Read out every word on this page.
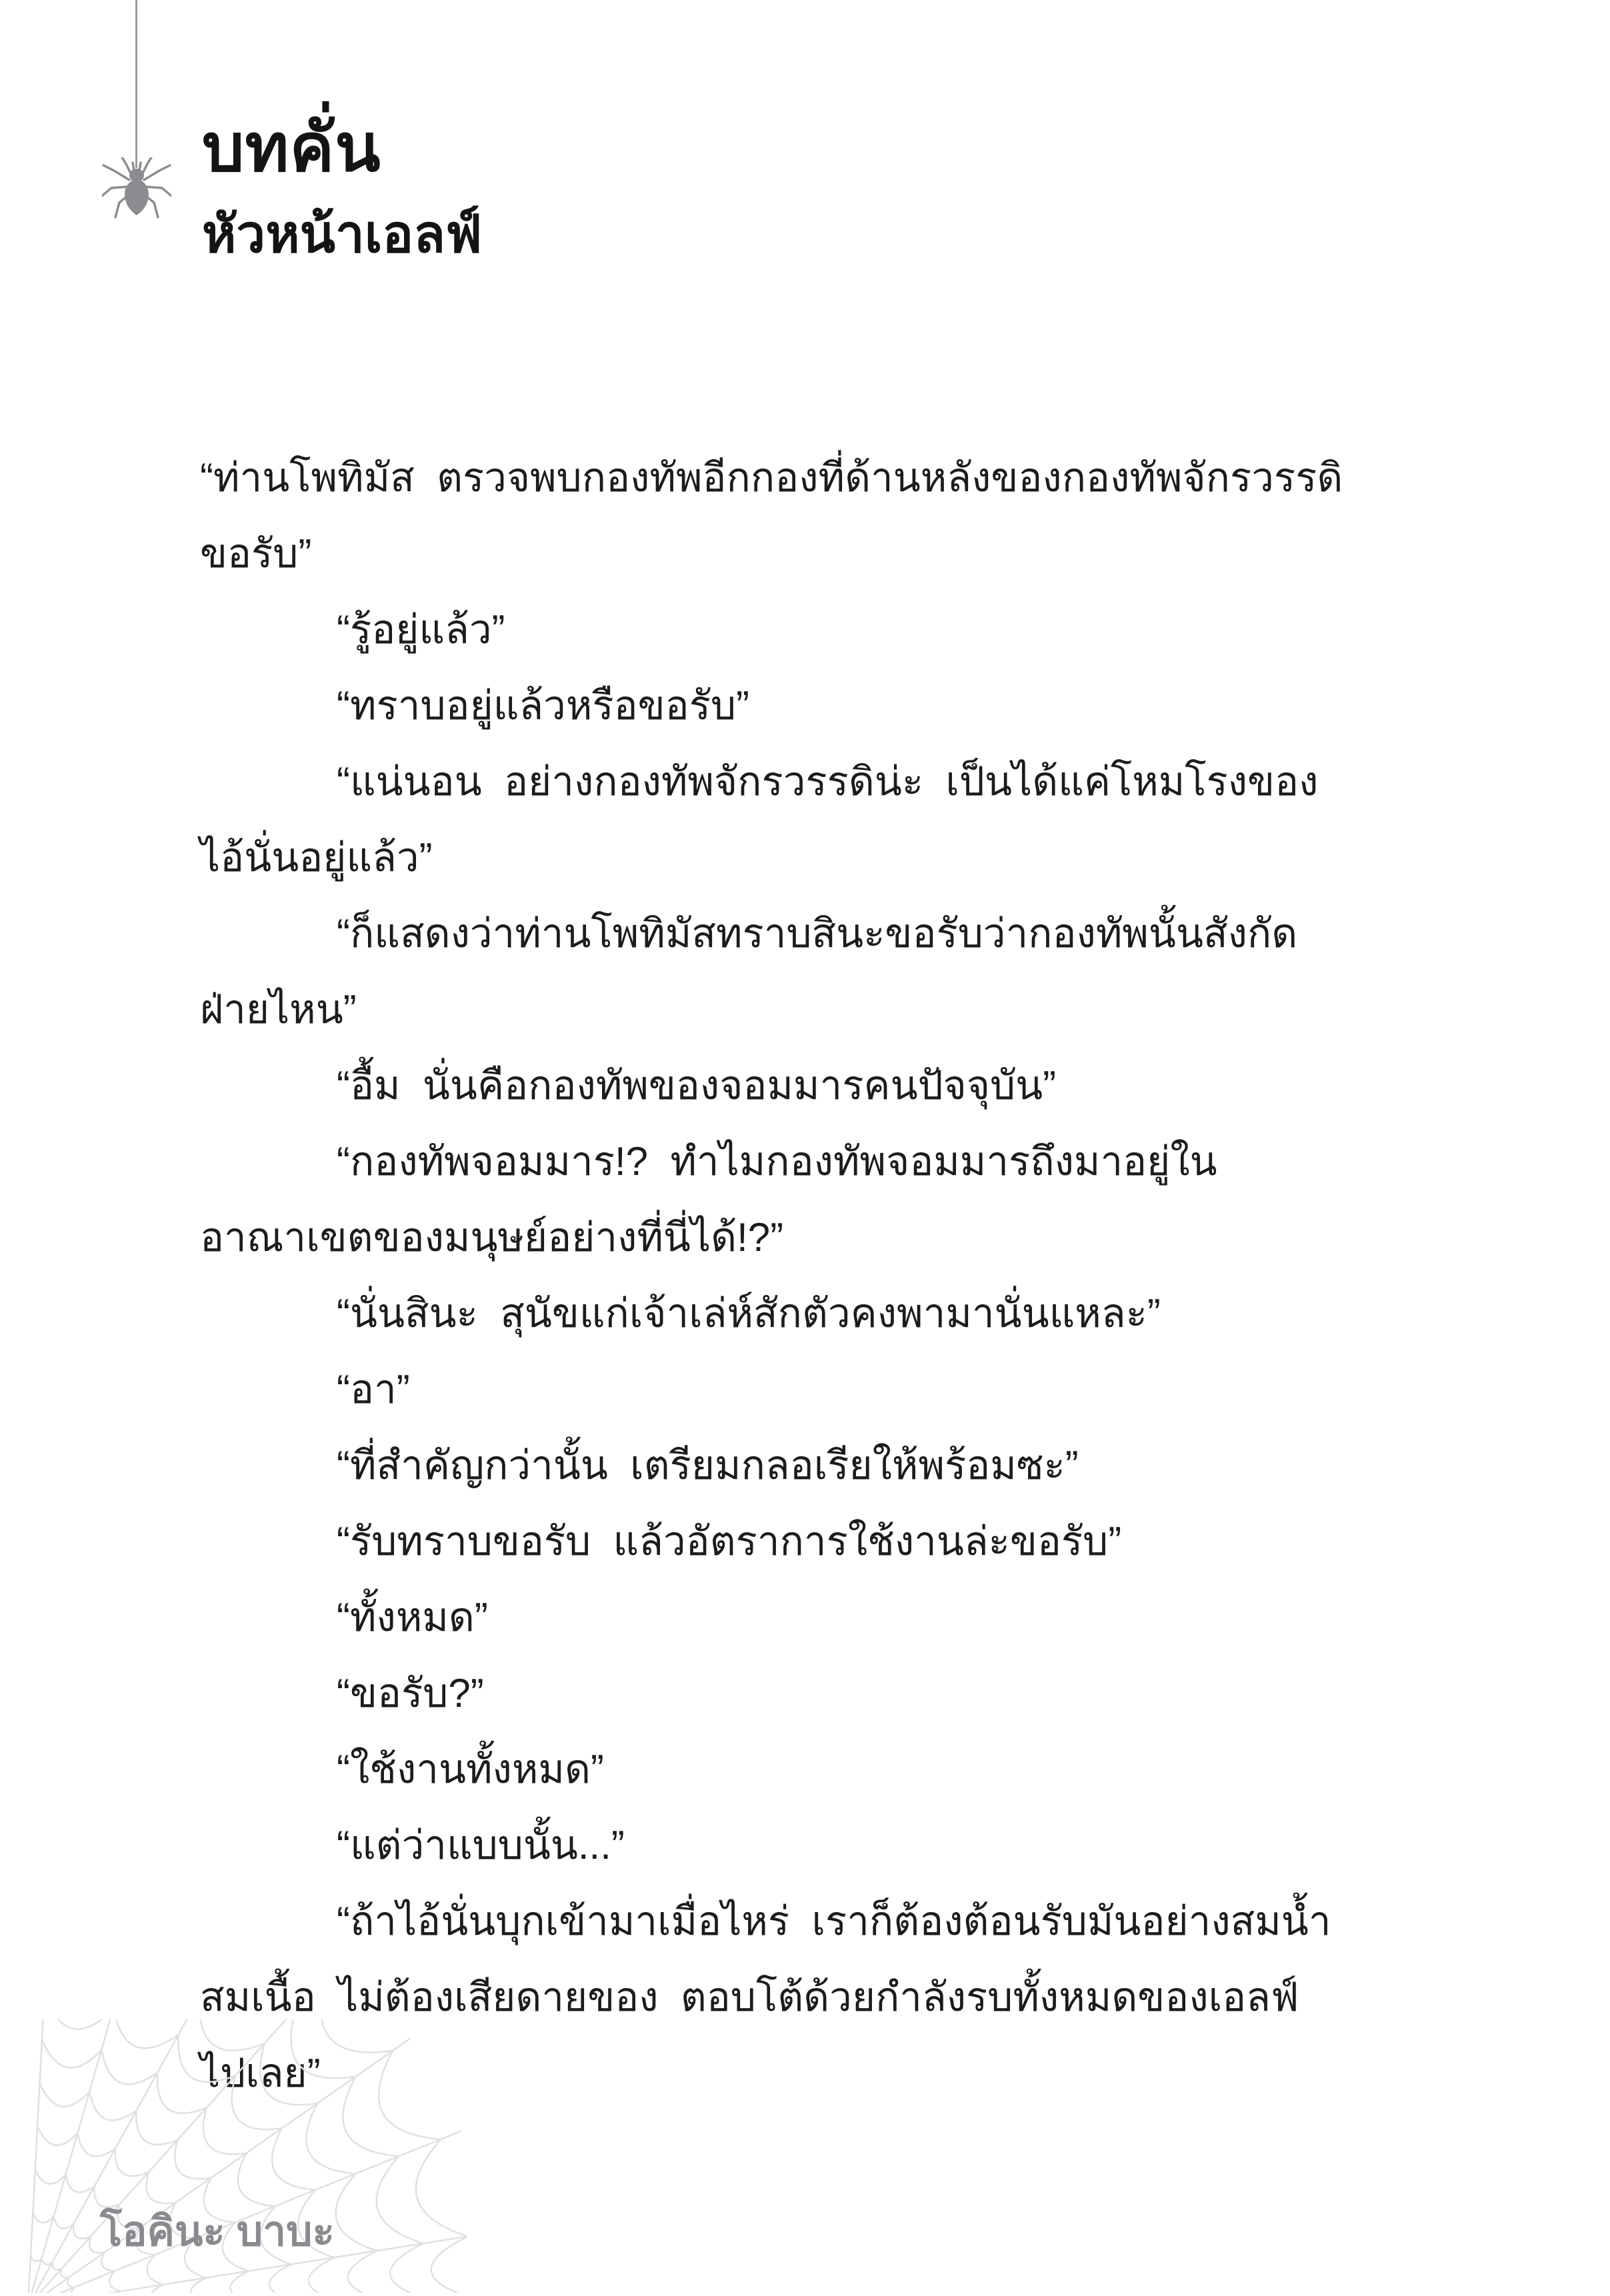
บทคั่น
หัวหน้าเอลฟ์
“ท่านโพทิมัส  ตรวจพบกองทัพอีกกองที่ด้านหลังของกองทัพจักรวรรดิ
ขอรับ”
“รู้อยู่แล้ว”
“ทราบอยู่แล้วหรือขอรับ”
“แน่นอน  อย่างกองทัพจักรวรรดิน่ะ  เป็นได้แค่โหมโรงของ
ไอ้นั่นอยู่แล้ว”
“ก็แสดงว่าท่านโพทิมัสทราบสินะขอรับว่ากองทัพนั้นสังกัด
ฝ่ายไหน”
“อื้ม  นั่นคือกองทัพของจอมมารคนปัจจุบัน”
“กองทัพจอมมาร!?  ทำไมกองทัพจอมมารถึงมาอยู่ใน
อาณาเขตของมนุษย์อย่างที่นี่ได้!?”
“นั่นสินะ  สุนัขแก่เจ้าเล่ห์สักตัวคงพามานั่นแหละ”
“อา”
“ที่สำคัญกว่านั้น  เตรียมกลอเรียให้พร้อมซะ”
“รับทราบขอรับ  แล้วอัตราการใช้งานล่ะขอรับ”
“ทั้งหมด”
“ขอรับ?”
“ใช้งานทั้งหมด”
“แต่ว่าแบบนั้น...”
“ถ้าไอ้นั่นบุกเข้ามาเมื่อไหร่  เราก็ต้องต้อนรับมันอย่างสมน้ำ
สมเนื้อ  ไม่ต้องเสียดายของ  ตอบโต้ด้วยกำลังรบทั้งหมดของเอลฟ์
ไปเลย”
โอคินะ บาบะ
